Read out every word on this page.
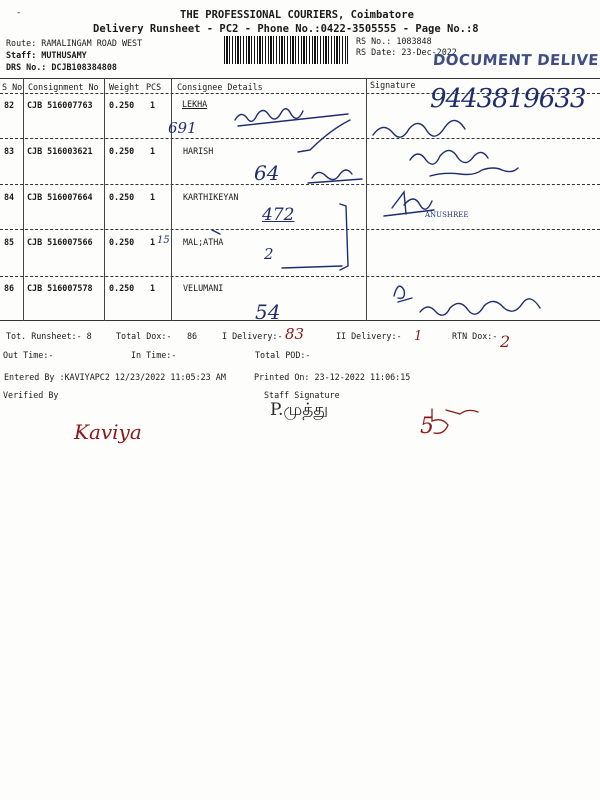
-	THE PROFESSIONAL COURIERS, Coimbatore
Delivery Runsheet - PC2 - Phone No.:0422-3505555 - Page No.:8
Route: RAMALINGAM ROAD WEST
Staff: MUTHUSAMY
DRS No.: DCJB108384808
RS No.: 1083848
RS Date: 23-Dec-2022
DOCUMENT DELIVE
S No Consignment No Weight PCS Consignee Details	Signature
82 CJB 516007763 0.250 1	LEKHA
83 CJB 516003621 0.250 1	HARISH
84 CJB 516007664 0.250 1	KARTHIKEYAN
85 CJB 516007566 0.250 1	MAL;ATHA
86 CJB 516007578 0.250 1	VELUMANI
9443819633
691
64
472	ANUSHREE
2
15
54
Tot. Runsheet:- 8	Total Dox:- 86	I Delivery:- 83	II Delivery:- 1	RTN Dox:- 2
Out Time:-	In Time:-	Total POD:-
Entered By :KAVIYAPC2 12/23/2022 11:05:23 AM	Printed On: 23-12-2022 11:06:15
Verified By	Staff Signature
Kaviya
P.முத்து
5
